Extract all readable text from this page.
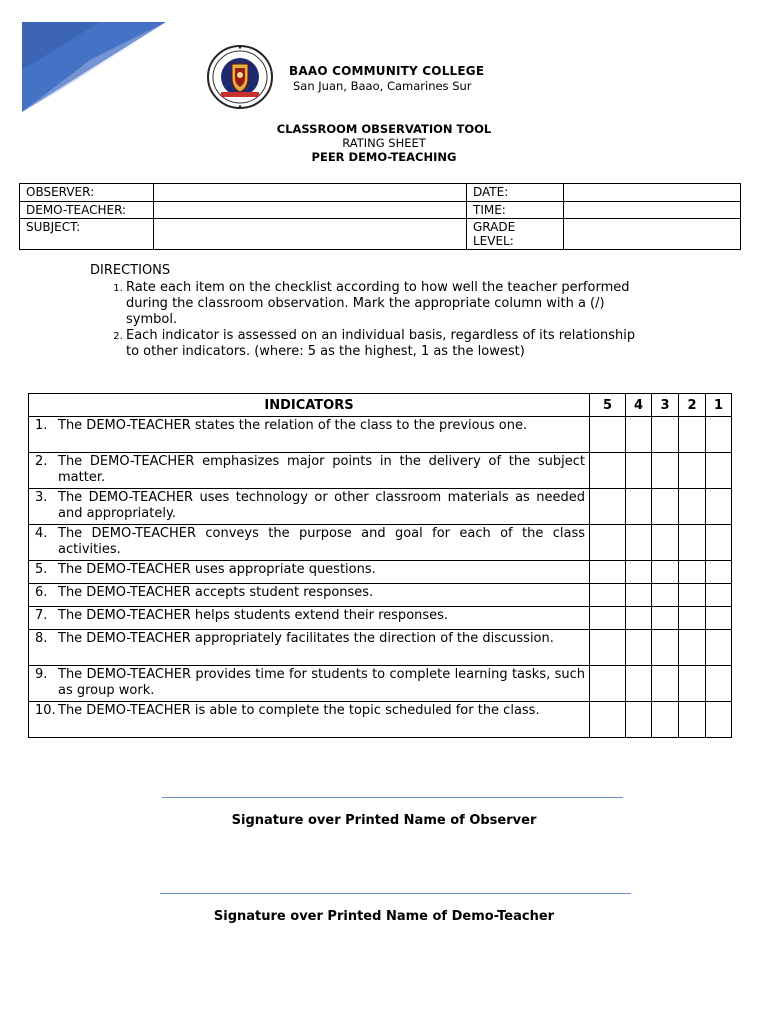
BAAO COMMUNITY COLLEGE
San Juan, Baao, Camarines Sur
CLASSROOM OBSERVATION TOOL
RATING SHEET
PEER DEMO-TEACHING
OBSERVER:		DATE:	
DEMO-TEACHER:		TIME:	
SUBJECT:		GRADE
LEVEL:	
DIRECTIONS
1. Rate each item on the checklist according to how well the teacher performed during the classroom observation. Mark the appropriate column with a (/) symbol.
2. Each indicator is assessed on an individual basis, regardless of its relationship to other indicators. (where: 5 as the highest, 1 as the lowest)
INDICATORS	5	4	3	2	1

1. The DEMO-TEACHER states the relation of the class to the previous one.					

2. The DEMO-TEACHER emphasizes major points in the delivery of the subject matter.					

3. The DEMO-TEACHER uses technology or other classroom materials as needed and appropriately.					

4. The DEMO-TEACHER conveys the purpose and goal for each of the class activities.					

5. The DEMO-TEACHER uses appropriate questions.					

6. The DEMO-TEACHER accepts student responses.					

7. The DEMO-TEACHER helps students extend their responses.					

8. The DEMO-TEACHER appropriately facilitates the direction of the discussion.					

9. The DEMO-TEACHER provides time for students to complete learning tasks, such as group work.					

10. The DEMO-TEACHER is able to complete the topic scheduled for the class.					

Signature over Printed Name of Observer
Signature over Printed Name of Demo-Teacher
